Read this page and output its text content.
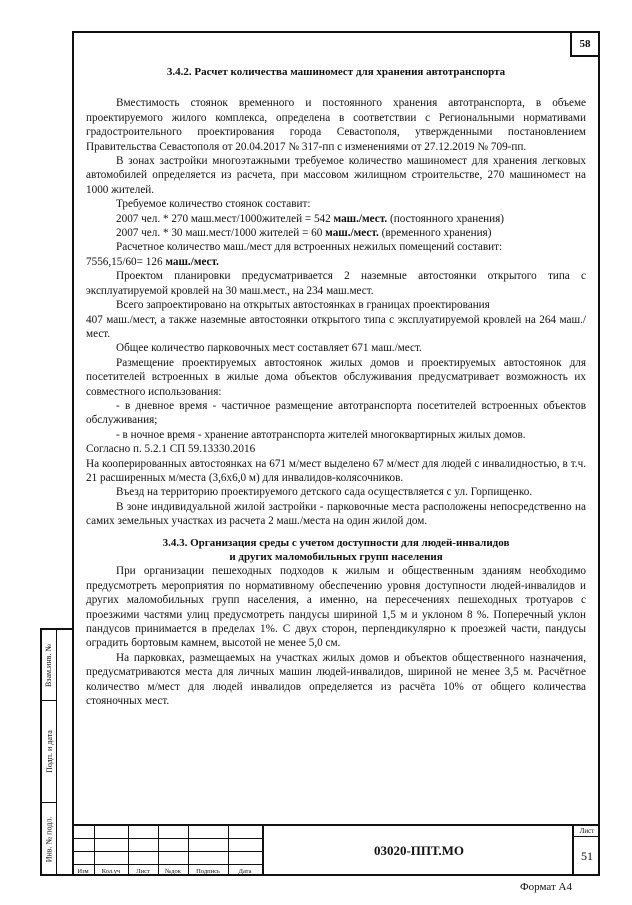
58
Взам.инв. №
Подп. и дата
Инв. № подл.
3.4.2. Расчет количества машиномест для хранения автотранспорта

Вместимость стоянок временного и постоянного хранения автотранспорта, в объеме проектируемого жилого комплекса, определена в соответствии с Региональными нормативами градостроительного проектирования города Севастополя, утвержденными постановлением Правительства Севастополя от 20.04.2017 № 317-пп с изменениями от 27.12.2019 № 709-пп.

В зонах застройки многоэтажными требуемое количество машиномест для хранения легковых автомобилей определяется из расчета, при массовом жилищном строительстве, 270 машиномест на 1000 жителей.

Требуемое количество стоянок составит:

2007 чел. * 270 маш.мест/1000жителей = 542 маш./мест. (постоянного хранения)

2007 чел. * 30 маш.мест/1000 жителей = 60 маш./мест. (временного хранения)

Расчетное количество маш./мест для встроенных нежилых помещений составит:

7556,15/60= 126 маш./мест.

Проектом планировки предусматривается 2 наземные автостоянки открытого типа с эксплуатируемой кровлей на 30 маш.мест., на 234 маш.мест.

Всего запроектировано на открытых автостоянках в границах проектирования

407 маш./мест, а также наземные автостоянки открытого типа с эксплуатируемой кровлей на 264 маш./мест.

Общее количество парковочных мест составляет 671 маш./мест.

Размещение проектируемых автостоянок жилых домов и проектируемых автостоянок для посетителей встроенных в жилые дома объектов обслуживания предусматривает возможность их совместного использования:

- в дневное время - частичное размещение автотранспорта посетителей встроенных объектов обслуживания;

- в ночное время - хранение автотранспорта жителей многоквартирных жилых домов.

Согласно п. 5.2.1 СП 59.13330.2016

На кооперированных автостоянках на 671 м/мест выделено 67 м/мест для людей с инвалидностью, в т.ч. 21 расширенных м/места (3,6х6,0 м) для инвалидов-колясочников.

Въезд на территорию проектируемого детского сада осуществляется с ул. Горпищенко.

В зоне индивидуальной жилой застройки - парковочные места расположены непосредственно на самих земельных участках из расчета 2 маш./места на один жилой дом.

3.4.3. Организация среды с учетом доступности для людей-инвалидов
и других маломобильных групп населения

При организации пешеходных подходов к жилым и общественным зданиям необходимо предусмотреть мероприятия по нормативному обеспечению уровня доступности людей-инвалидов и других маломобильных групп населения, а именно, на пересечениях пешеходных тротуаров с проезжими частями улиц предусмотреть пандусы шириной 1,5 м и уклоном 8 %. Поперечный уклон пандусов принимается в пределах 1%. С двух сторон, перпендикулярно к проезжей части, пандусы оградить бортовым камнем, высотой не менее 5,0 см.

На парковках, размещаемых на участках жилых домов и объектов общественного назначения, предусматриваются места для личных машин людей-инвалидов, шириной не менее 3,5 м. Расчётное количество м/мест для людей инвалидов определяется из расчёта 10% от общего количества стояночных мест.

Изм	Кол.уч	Лист	№док	Подпись	Дата
03020-ППТ.МО
Лист
51
Формат А4
